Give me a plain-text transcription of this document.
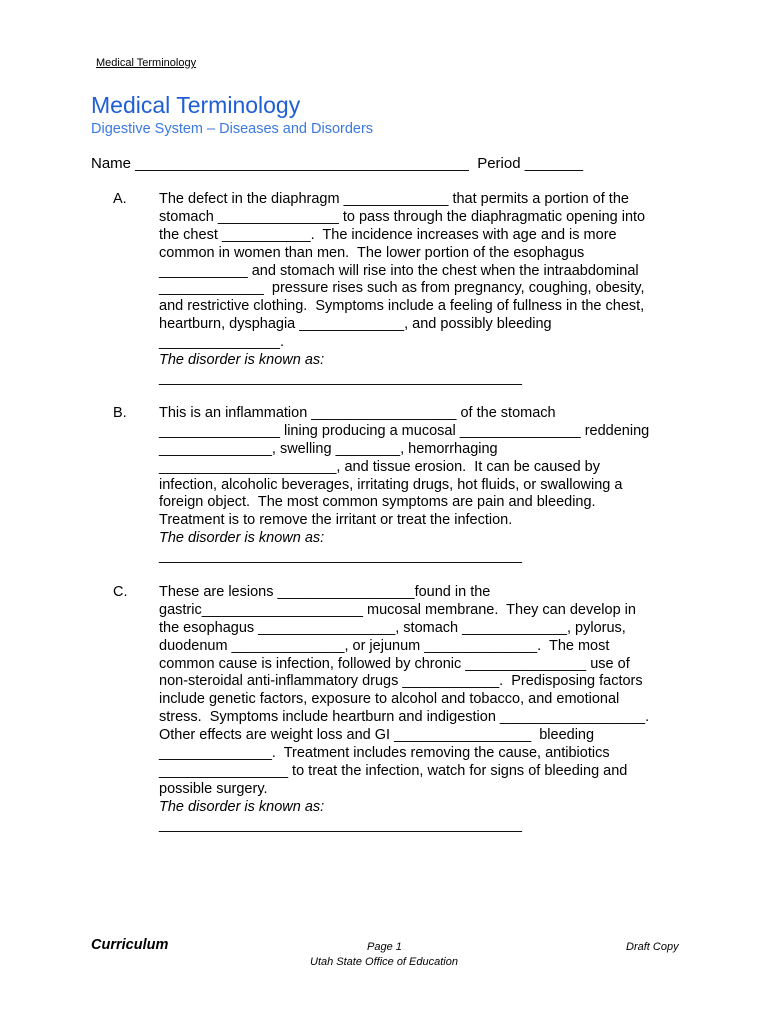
Medical Terminology
Medical Terminology
Digestive System – Diseases and Disorders
Name ________________________________________  Period _______
A. The defect in the diaphragm _____________ that permits a portion of the
stomach _______________ to pass through the diaphragmatic opening into
the chest ___________.  The incidence increases with age and is more
common in women than men.  The lower portion of the esophagus
___________ and stomach will rise into the chest when the intraabdominal
_____________  pressure rises such as from pregnancy, coughing, obesity,
and restrictive clothing.  Symptoms include a feeling of fullness in the chest,
heartburn, dysphagia _____________, and possibly bleeding
_______________.
The disorder is known as:
_____________________________________________
B. This is an inflammation __________________ of the stomach
_______________ lining producing a mucosal _______________ reddening
______________, swelling ________, hemorrhaging
______________________, and tissue erosion.  It can be caused by
infection, alcoholic beverages, irritating drugs, hot fluids, or swallowing a
foreign object.  The most common symptoms are pain and bleeding.
Treatment is to remove the irritant or treat the infection.
The disorder is known as:
_____________________________________________
C. These are lesions _________________found in the
gastric____________________ mucosal membrane.  They can develop in
the esophagus _________________, stomach _____________, pylorus,
duodenum ______________, or jejunum ______________.  The most
common cause is infection, followed by chronic _______________ use of
non-steroidal anti-inflammatory drugs ____________.  Predisposing factors
include genetic factors, exposure to alcohol and tobacco, and emotional
stress.  Symptoms include heartburn and indigestion __________________.
Other effects are weight loss and GI _________________  bleeding
______________.  Treatment includes removing the cause, antibiotics
________________ to treat the infection, watch for signs of bleeding and
possible surgery.
The disorder is known as:
_____________________________________________
Curriculum	Page 1
Utah State Office of Education
Draft Copy
